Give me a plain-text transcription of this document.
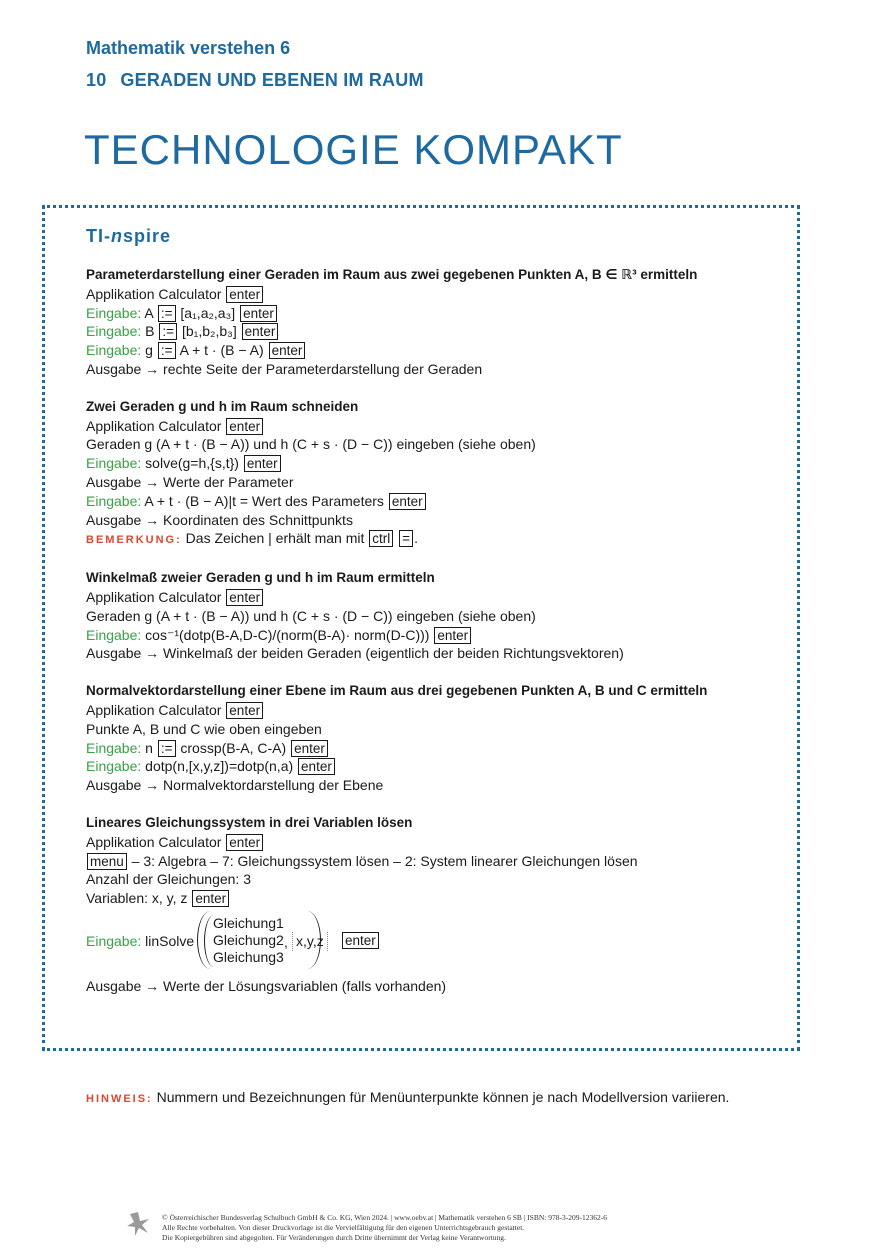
Mathematik verstehen 6
10 GERADEN UND EBENEN IM RAUM
TECHNOLOGIE KOMPAKT
TI-nspire
Parameterdarstellung einer Geraden im Raum aus zwei gegebenen Punkten A, B ∈ ℝ³ ermitteln
Applikation Calculator enter
Eingabe: A := [a₁,a₂,a₃] enter
Eingabe: B := [b₁,b₂,b₃] enter
Eingabe: g := A + t · (B − A) enter
Ausgabe → rechte Seite der Parameterdarstellung der Geraden
Zwei Geraden g und h im Raum schneiden
Applikation Calculator enter
Geraden g (A + t · (B − A)) und h (C + s · (D − C)) eingeben (siehe oben)
Eingabe: solve(g=h,{s,t}) enter
Ausgabe → Werte der Parameter
Eingabe: A + t · (B − A)|t = Wert des Parameters enter
Ausgabe → Koordinaten des Schnittpunkts
BEMERKUNG: Das Zeichen | erhält man mit ctrl = .
Winkelmaß zweier Geraden g und h im Raum ermitteln
Applikation Calculator enter
Geraden g (A + t · (B − A)) und h (C + s · (D − C)) eingeben (siehe oben)
Eingabe: cos⁻¹(dotp(B-A,D-C)/(norm(B-A)· norm(D-C))) enter
Ausgabe → Winkelmaß der beiden Geraden (eigentlich der beiden Richtungsvektoren)
Normalvektordarstellung einer Ebene im Raum aus drei gegebenen Punkten A, B und C ermitteln
Applikation Calculator enter
Punkte A, B und C wie oben eingeben
Eingabe: n := crossp(B-A, C-A) enter
Eingabe: dotp(n,[x,y,z])=dotp(n,a) enter
Ausgabe → Normalvektordarstellung der Ebene
Lineares Gleichungssystem in drei Variablen lösen
Applikation Calculator enter
menu – 3: Algebra – 7: Gleichungssystem lösen – 2: System linearer Gleichungen lösen
Anzahl der Gleichungen: 3
Variablen: x, y, z enter
Eingabe: linSolve
Gleichung1
Gleichung2
Gleichung3
, x,y,z enter
Ausgabe → Werte der Lösungsvariablen (falls vorhanden)
HINWEIS: Nummern und Bezeichnungen für Menüunterpunkte können je nach Modellversion variieren.
© Österreichischer Bundesverlag Schulbuch GmbH & Co. KG, Wien 2024. | www.oebv.at | Mathematik verstehen 6 SB | ISBN: 978-3-209-12362-6
Alle Rechte vorbehalten. Von dieser Druckvorlage ist die Vervielfältigung für den eigenen Unterrichtsgebrauch gestattet.
Die Kopiergebühren sind abgegolten. Für Veränderungen durch Dritte übernimmt der Verlag keine Verantwortung.
